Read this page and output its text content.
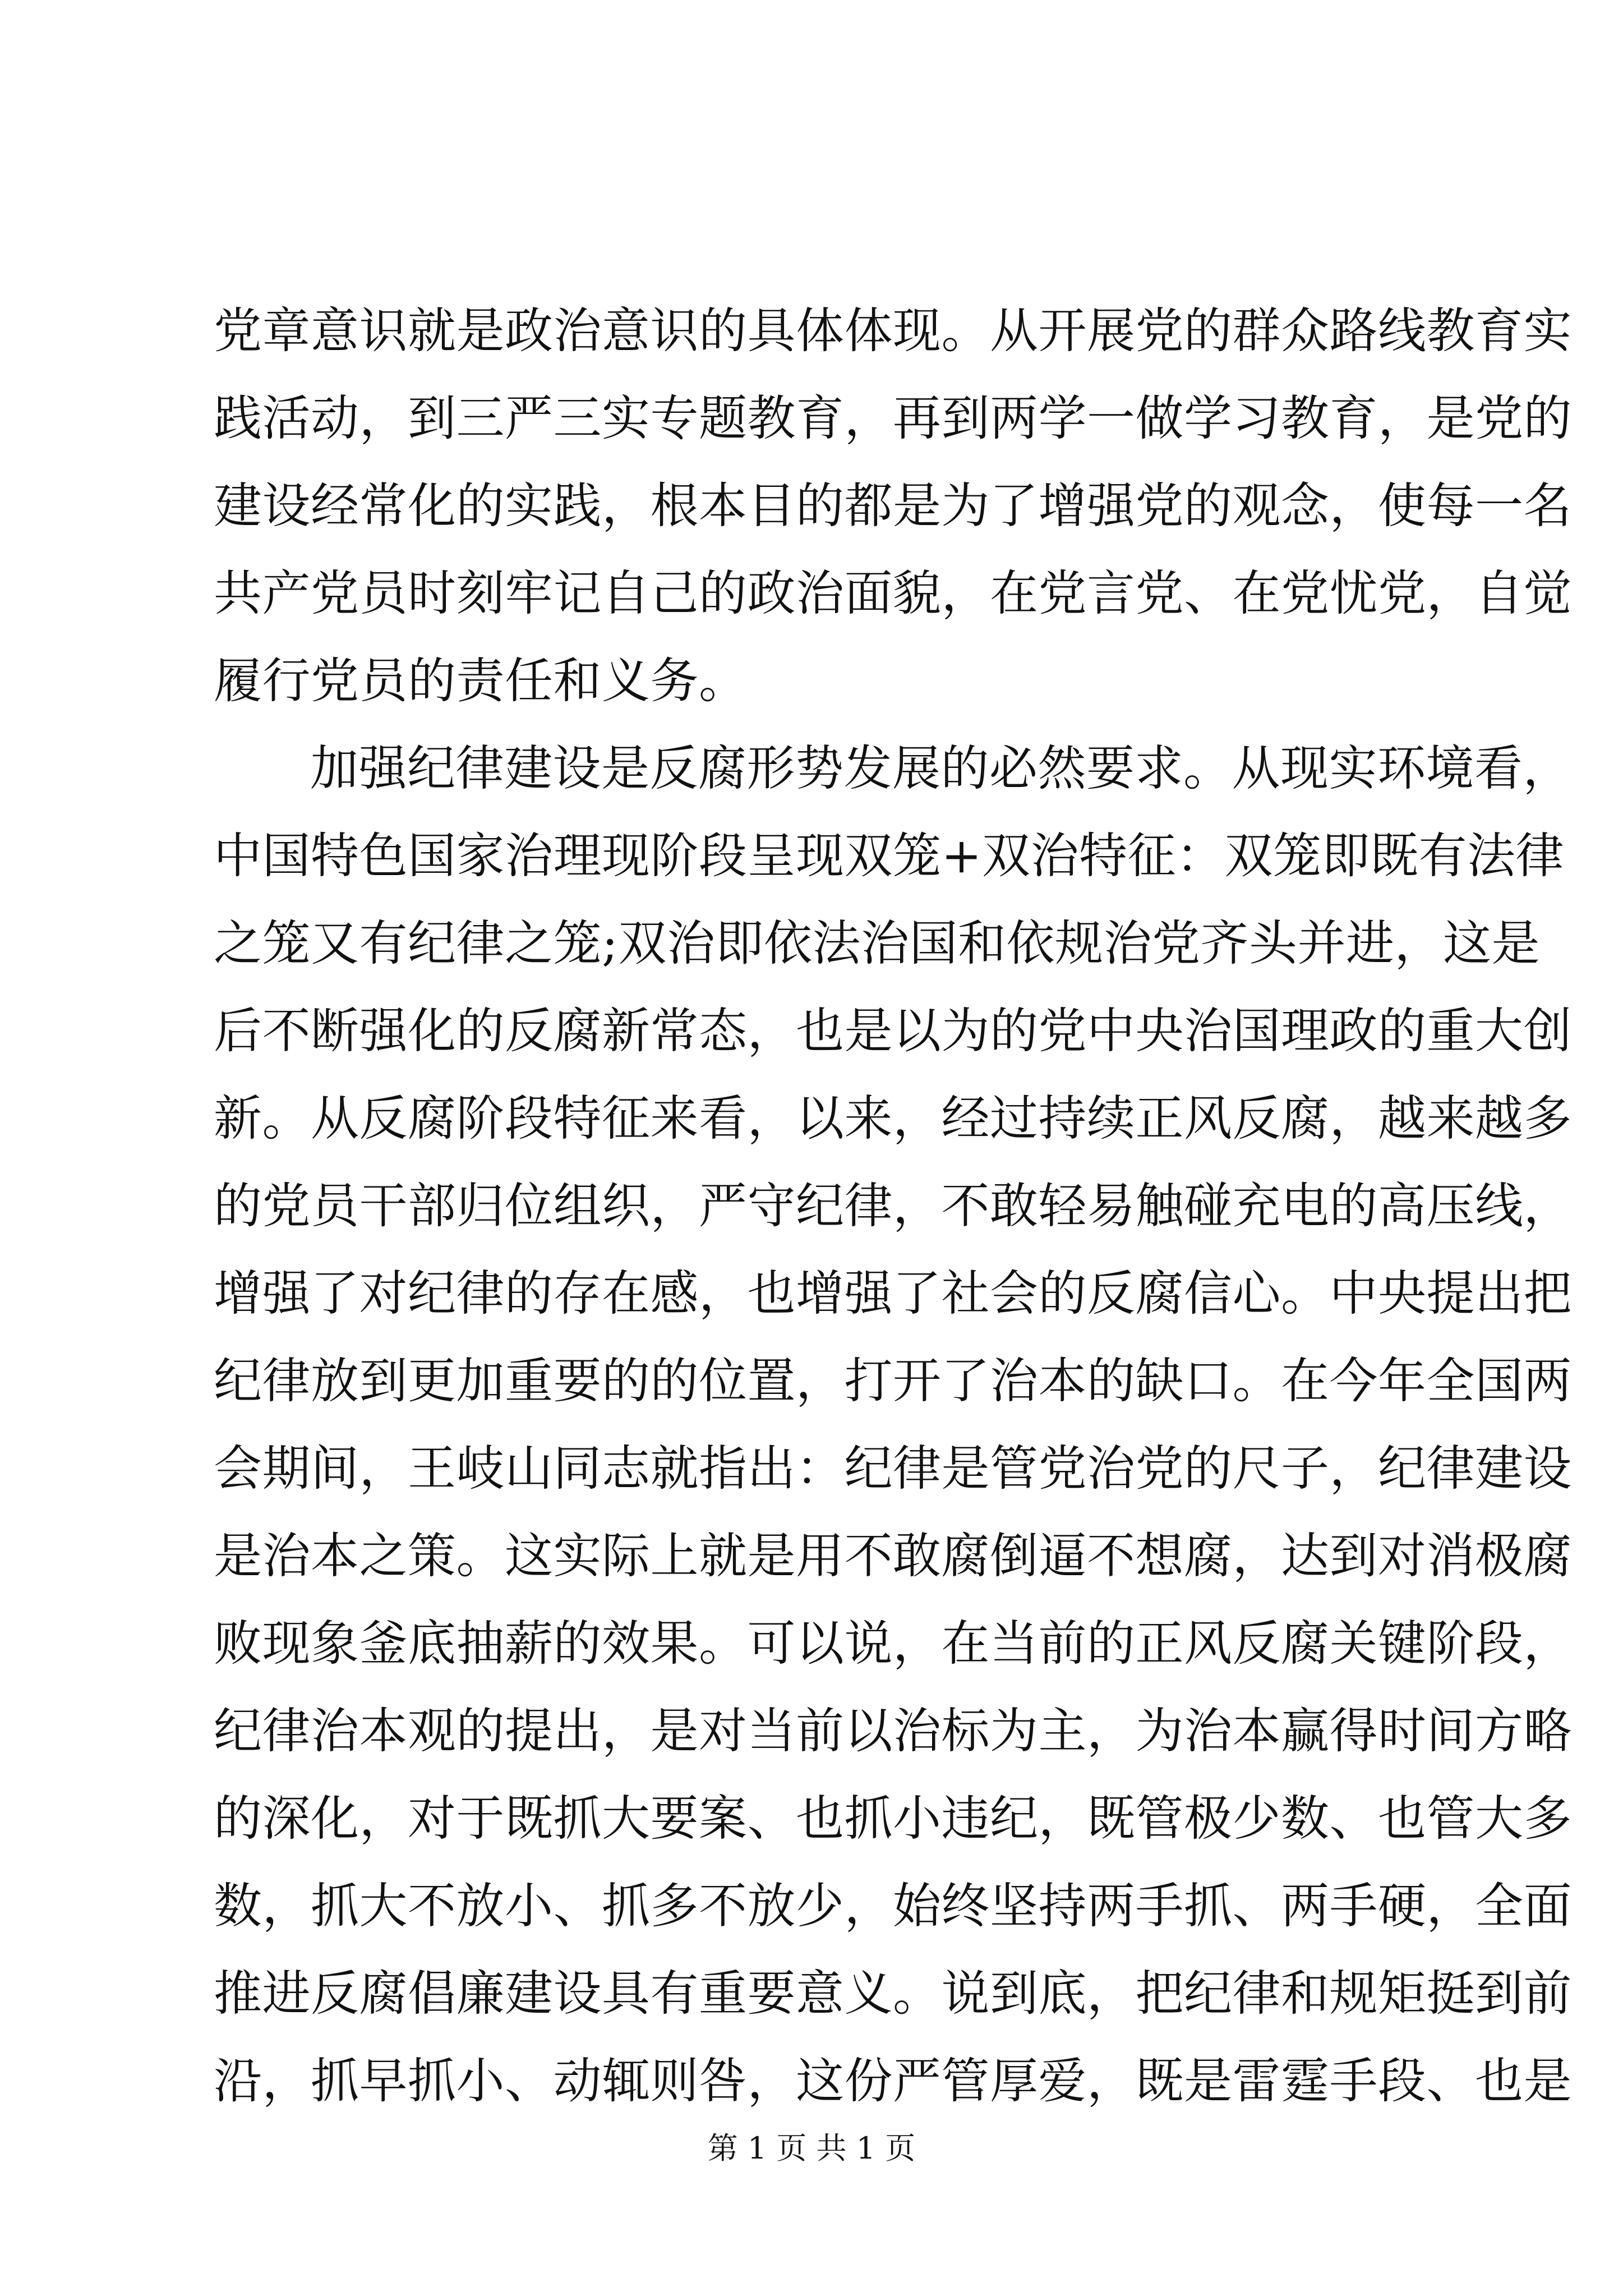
党章意识就是政治意识的具体体现。从开展党的群众路线教育实
践活动，到三严三实专题教育，再到两学一做学习教育，是党的
建设经常化的实践，根本目的都是为了增强党的观念，使每一名
共产党员时刻牢记自己的政治面貌，在党言党、在党忧党，自觉
履行党员的责任和义务。
加强纪律建设是反腐形势发展的必然要求。从现实环境看，
中国特色国家治理现阶段呈现双笼+双治特征：双笼即既有法律
之笼又有纪律之笼;双治即依法治国和依规治党齐头并进，这是
后不断强化的反腐新常态，也是以为的党中央治国理政的重大创
新。从反腐阶段特征来看，以来，经过持续正风反腐，越来越多
的党员干部归位组织，严守纪律，不敢轻易触碰充电的高压线，
增强了对纪律的存在感，也增强了社会的反腐信心。中央提出把
纪律放到更加重要的的位置，打开了治本的缺口。在今年全国两
会期间，王岐山同志就指出：纪律是管党治党的尺子，纪律建设
是治本之策。这实际上就是用不敢腐倒逼不想腐，达到对消极腐
败现象釜底抽薪的效果。可以说，在当前的正风反腐关键阶段，
纪律治本观的提出，是对当前以治标为主，为治本赢得时间方略
的深化，对于既抓大要案、也抓小违纪，既管极少数、也管大多
数，抓大不放小、抓多不放少，始终坚持两手抓、两手硬，全面
推进反腐倡廉建设具有重要意义。说到底，把纪律和规矩挺到前
沿，抓早抓小、动辄则咎，这份严管厚爱，既是雷霆手段、也是
第 1 页 共 1 页
